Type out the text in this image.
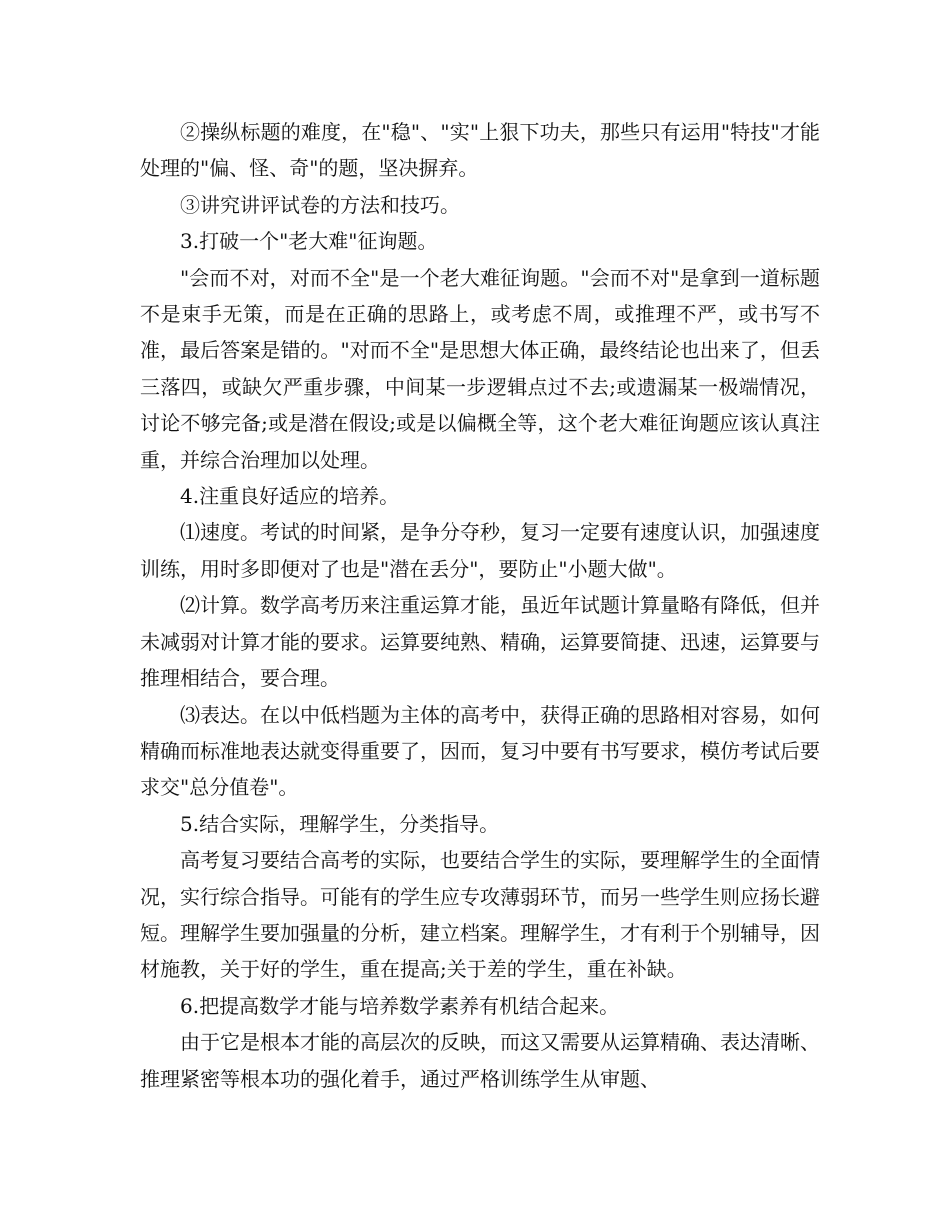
②操纵标题的难度，在"稳"、"实"上狠下功夫，那些只有运用"特技"才能处理的"偏、怪、奇"的题，坚决摒弃。

③讲究讲评试卷的方法和技巧。

3.打破一个"老大难"征询题。

"会而不对，对而不全"是一个老大难征询题。"会而不对"是拿到一道标题不是束手无策，而是在正确的思路上，或考虑不周，或推理不严，或书写不准，最后答案是错的。"对而不全"是思想大体正确，最终结论也出来了，但丢三落四，或缺欠严重步骤，中间某一步逻辑点过不去;或遗漏某一极端情况，讨论不够完备;或是潜在假设;或是以偏概全等，这个老大难征询题应该认真注重，并综合治理加以处理。

4.注重良好适应的培养。

⑴速度。考试的时间紧，是争分夺秒，复习一定要有速度认识，加强速度训练，用时多即便对了也是"潜在丢分"，要防止"小题大做"。

⑵计算。数学高考历来注重运算才能，虽近年试题计算量略有降低，但并未减弱对计算才能的要求。运算要纯熟、精确，运算要简捷、迅速，运算要与推理相结合，要合理。

⑶表达。在以中低档题为主体的高考中，获得正确的思路相对容易，如何精确而标准地表达就变得重要了，因而，复习中要有书写要求，模仿考试后要求交"总分值卷"。

5.结合实际，理解学生，分类指导。

高考复习要结合高考的实际，也要结合学生的实际，要理解学生的全面情况，实行综合指导。可能有的学生应专攻薄弱环节，而另一些学生则应扬长避短。理解学生要加强量的分析，建立档案。理解学生，才有利于个别辅导，因材施教，关于好的学生，重在提高;关于差的学生，重在补缺。

6.把提高数学才能与培养数学素养有机结合起来。

由于它是根本才能的高层次的反映，而这又需要从运算精确、表达清晰、推理紧密等根本功的强化着手，通过严格训练学生从审题、
